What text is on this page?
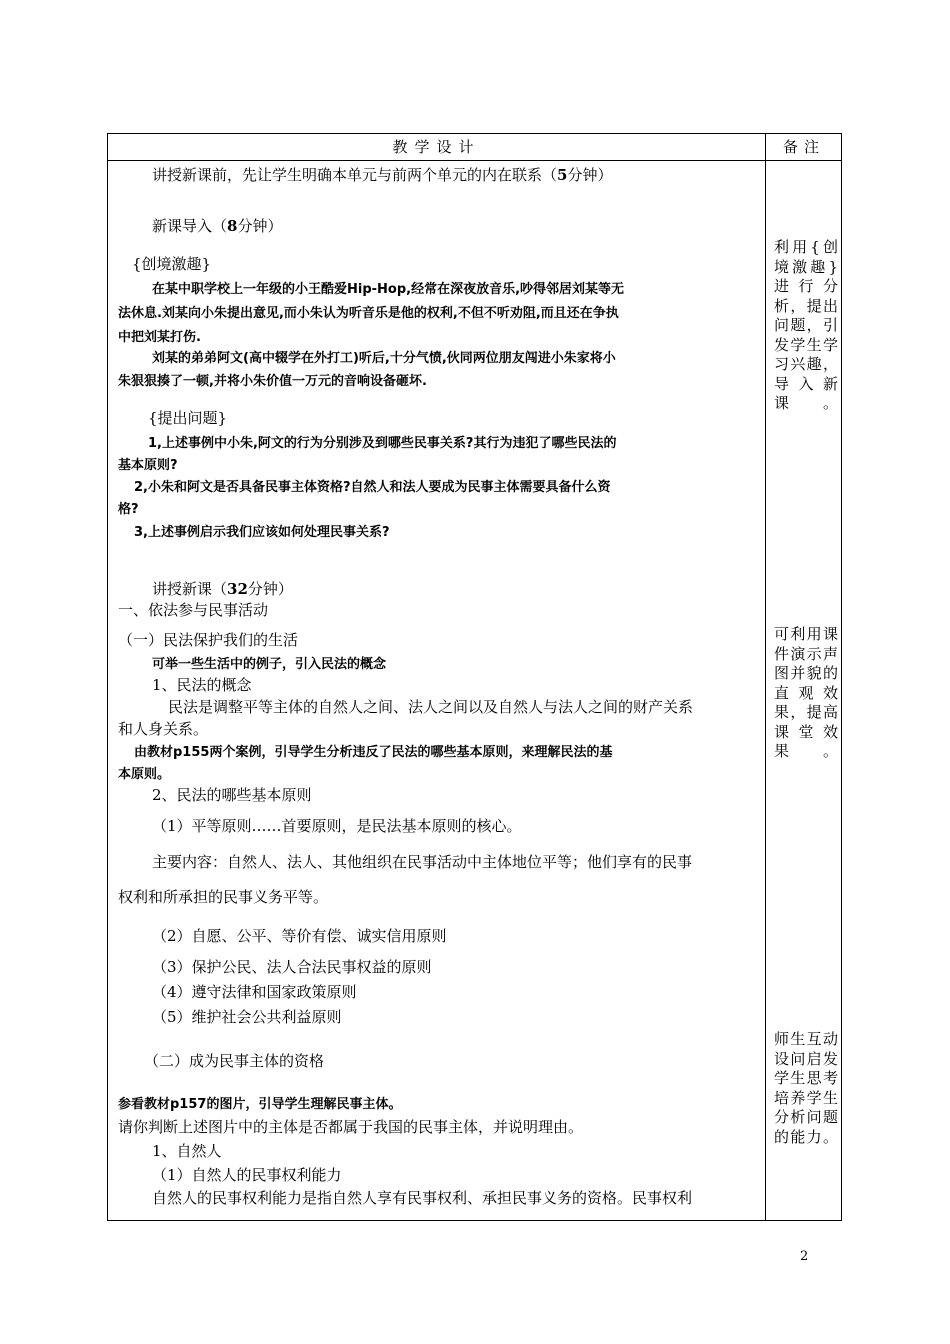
教学设计	备注
讲授新课前，先让学生明确本单元与前两个单元的内在联系（5分钟）
新课导入（8分钟）
{创境激趣}
在某中职学校上一年级的小王酷爱Hip-Hop,经常在深夜放音乐,吵得邻居刘某等无
法休息.刘某向小朱提出意见,而小朱认为听音乐是他的权利,不但不听劝阻,而且还在争执
中把刘某打伤.
刘某的弟弟阿文(高中辍学在外打工)听后,十分气愤,伙同两位朋友闯进小朱家将小
朱狠狠揍了一顿,并将小朱价值一万元的音响设备砸坏.
{提出问题}
1,上述事例中小朱,阿文的行为分别涉及到哪些民事关系?其行为违犯了哪些民法的
基本原则?
2,小朱和阿文是否具备民事主体资格?自然人和法人要成为民事主体需要具备什么资
格?
3,上述事例启示我们应该如何处理民事关系?
讲授新课（32分钟）
一、依法参与民事活动
（一）民法保护我们的生活
可举一些生活中的例子，引入民法的概念
1、民法的概念
民法是调整平等主体的自然人之间、法人之间以及自然人与法人之间的财产关系
和人身关系。
由教材p155两个案例，引导学生分析违反了民法的哪些基本原则，来理解民法的基
本原则。
2、民法的哪些基本原则
（1）平等原则……首要原则，是民法基本原则的核心。
主要内容：自然人、法人、其他组织在民事活动中主体地位平等；他们享有的民事
权利和所承担的民事义务平等。
（2）自愿、公平、等价有偿、诚实信用原则
（3）保护公民、法人合法民事权益的原则
（4）遵守法律和国家政策原则
（5）维护社会公共利益原则
（二）成为民事主体的资格
参看教材p157的图片，引导学生理解民事主体。
请你判断上述图片中的主体是否都属于我国的民事主体，并说明理由。
1、自然人
（1）自然人的民事权利能力
自然人的民事权利能力是指自然人享有民事权利、承担民事义务的资格。民事权利
利用{创境激趣}进行分析，提出问题，引发学生学习兴趣，导入新课。
可利用课件演示声图并貌的直观效果，提高课堂效果。
师生互动设问启发学生思考培养学生分析问题的能力。
2
